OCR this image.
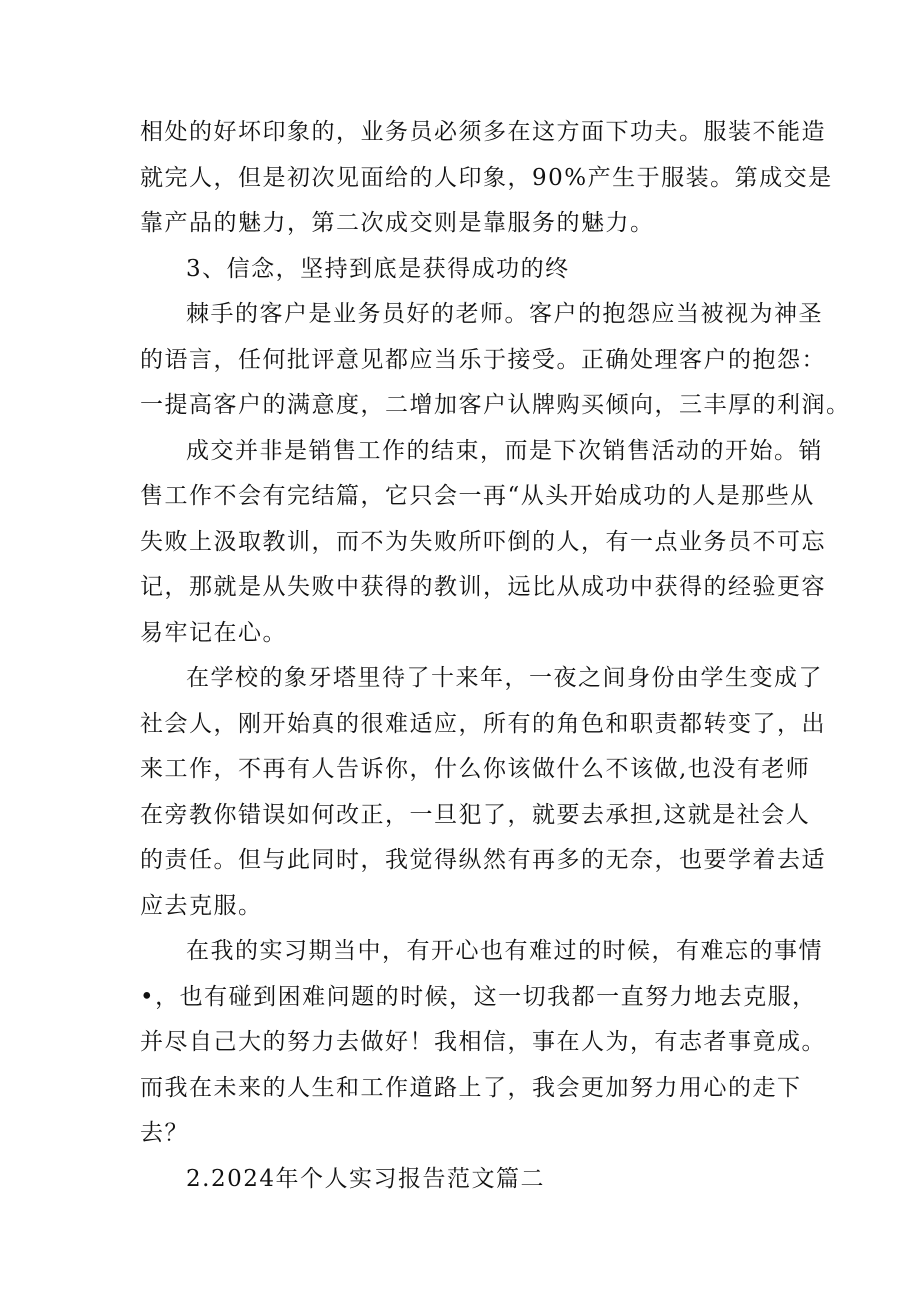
相处的好坏印象的，业务员必须多在这方面下功夫。服装不能造
就完人，但是初次见面给的人印象，90%产生于服装。第成交是
靠产品的魅力，第二次成交则是靠服务的魅力。
3、信念，坚持到底是获得成功的终
棘手的客户是业务员好的老师。客户的抱怨应当被视为神圣
的语言，任何批评意见都应当乐于接受。正确处理客户的抱怨：
一提高客户的满意度，二增加客户认牌购买倾向，三丰厚的利润。
成交并非是销售工作的结束，而是下次销售活动的开始。销
售工作不会有完结篇，它只会一再“从头开始成功的人是那些从
失败上汲取教训，而不为失败所吓倒的人，有一点业务员不可忘
记，那就是从失败中获得的教训，远比从成功中获得的经验更容
易牢记在心。
在学校的象牙塔里待了十来年，一夜之间身份由学生变成了
社会人，刚开始真的很难适应，所有的角色和职责都转变了，出
来工作，不再有人告诉你，什么你该做什么不该做,也没有老师
在旁教你错误如何改正，一旦犯了，就要去承担,这就是社会人
的责任。但与此同时，我觉得纵然有再多的无奈，也要学着去适
应去克服。
在我的实习期当中，有开心也有难过的时候，有难忘的事情
•，也有碰到困难问题的时候，这一切我都一直努力地去克服，
并尽自己大的努力去做好！我相信，事在人为，有志者事竟成。
而我在未来的人生和工作道路上了，我会更加努力用心的走下
去？
2.2024年个人实习报告范文篇二
